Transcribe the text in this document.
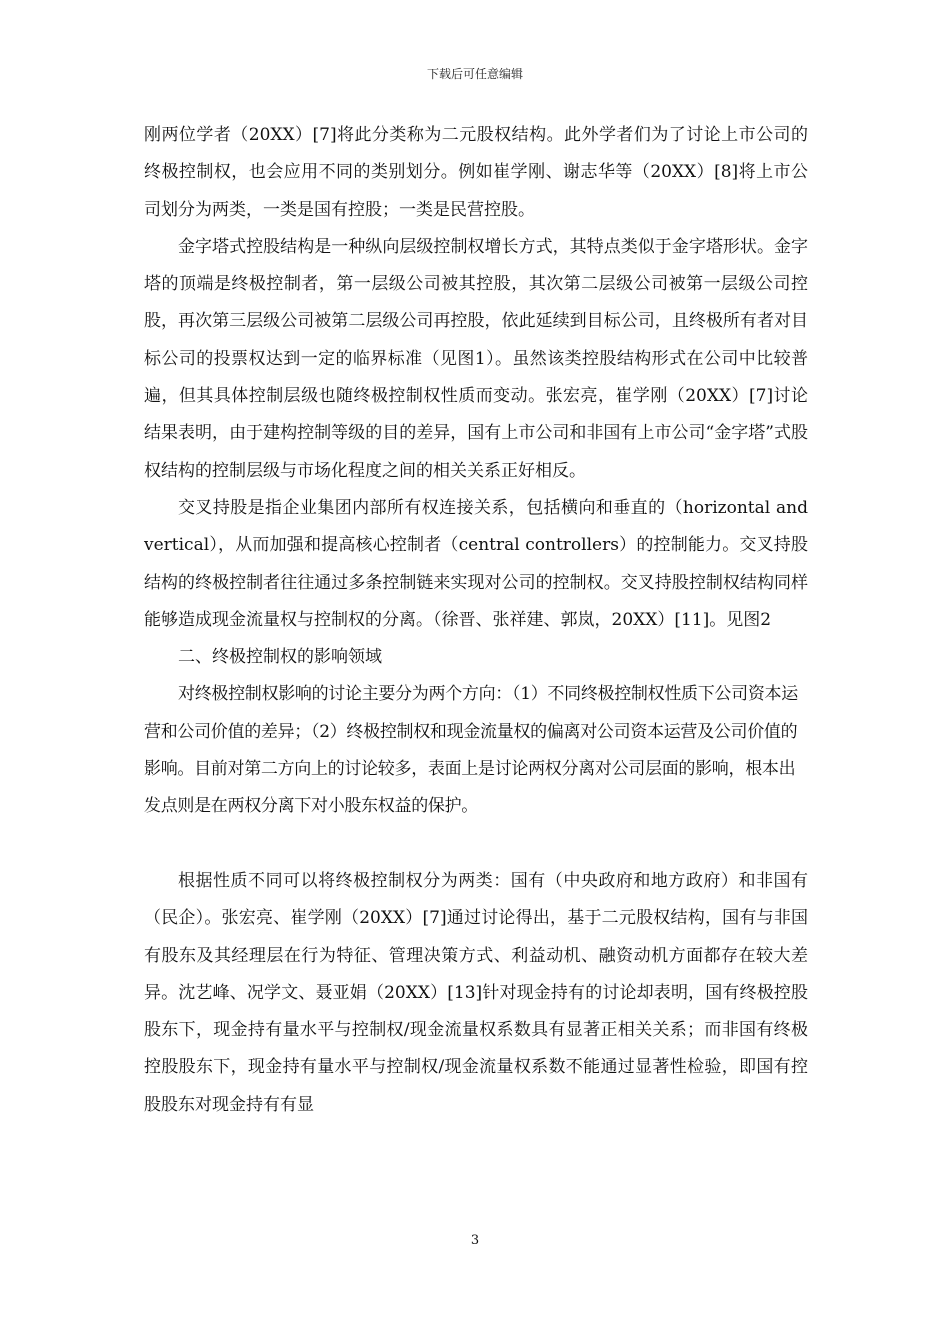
下载后可任意编辑

刚两位学者（20XX）[7]将此分类称为二元股权结构。此外学者们为了讨论上市公司的终极控制权，也会应用不同的类别划分。例如崔学刚、谢志华等（20XX）[8]将上市公司划分为两类，一类是国有控股；一类是民营控股。

金字塔式控股结构是一种纵向层级控制权增长方式，其特点类似于金字塔形状。金字塔的顶端是终极控制者，第一层级公司被其控股，其次第二层级公司被第一层级公司控股，再次第三层级公司被第二层级公司再控股，依此延续到目标公司，且终极所有者对目标公司的投票权达到一定的临界标准（见图1）。虽然该类控股结构形式在公司中比较普遍，但其具体控制层级也随终极控制权性质而变动。张宏亮，崔学刚（20XX）[7]讨论结果表明，由于建构控制等级的目的差异，国有上市公司和非国有上市公司“金字塔”式股权结构的控制层级与市场化程度之间的相关关系正好相反。

交叉持股是指企业集团内部所有权连接关系，包括横向和垂直的（horizontal and vertical），从而加强和提高核心控制者（central controllers）的控制能力。交叉持股结构的终极控制者往往通过多条控制链来实现对公司的控制权。交叉持股控制权结构同样能够造成现金流量权与控制权的分离。（徐晋、张祥建、郭岚，20XX）[11]。见图2

二、终极控制权的影响领域

对终极控制权影响的讨论主要分为两个方向：（1）不同终极控制权性质下公司资本运营和公司价值的差异；（2）终极控制权和现金流量权的偏离对公司资本运营及公司价值的影响。目前对第二方向上的讨论较多，表面上是讨论两权分离对公司层面的影响，根本出发点则是在两权分离下对小股东权益的保护。

根据性质不同可以将终极控制权分为两类：国有（中央政府和地方政府）和非国有（民企）。张宏亮、崔学刚（20XX）[7]通过讨论得出，基于二元股权结构，国有与非国有股东及其经理层在行为特征、管理决策方式、利益动机、融资动机方面都存在较大差异。沈艺峰、况学文、聂亚娟（20XX）[13]针对现金持有的讨论却表明，国有终极控股股东下，现金持有量水平与控制权/现金流量权系数具有显著正相关关系；而非国有终极控股股东下，现金持有量水平与控制权/现金流量权系数不能通过显著性检验，即国有控股股东对现金持有有显

3
